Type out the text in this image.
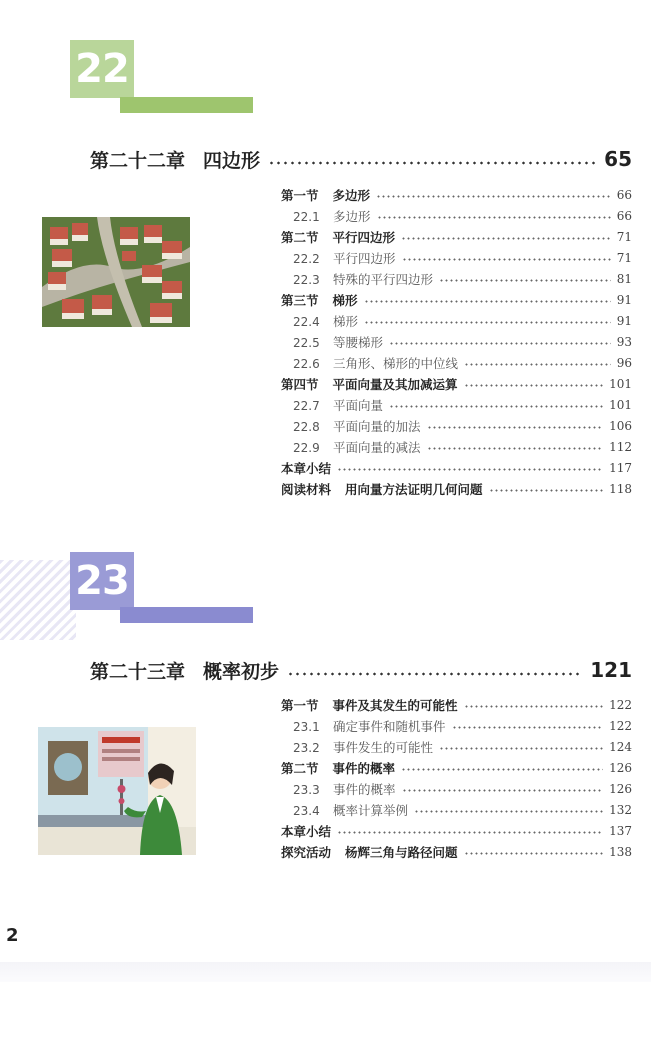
22
第二十二章 四边形	65
第一节 多边形	66
22.1 多边形	66
第二节 平行四边形	71
22.2 平行四边形	71
22.3 特殊的平行四边形	81
第三节 梯形	91
22.4 梯形	91
22.5 等腰梯形	93
22.6 三角形、梯形的中位线	96
第四节 平面向量及其加减运算	101
22.7 平面向量	101
22.8 平面向量的加法	106
22.9 平面向量的减法	112
本章小结	117
阅读材料 用向量方法证明几何问题	118
23
第二十三章 概率初步	121
第一节 事件及其发生的可能性	122
23.1 确定事件和随机事件	122
23.2 事件发生的可能性	124
第二节 事件的概率	126
23.3 事件的概率	126
23.4 概率计算举例	132
本章小结	137
探究活动 杨辉三角与路径问题	138
2
